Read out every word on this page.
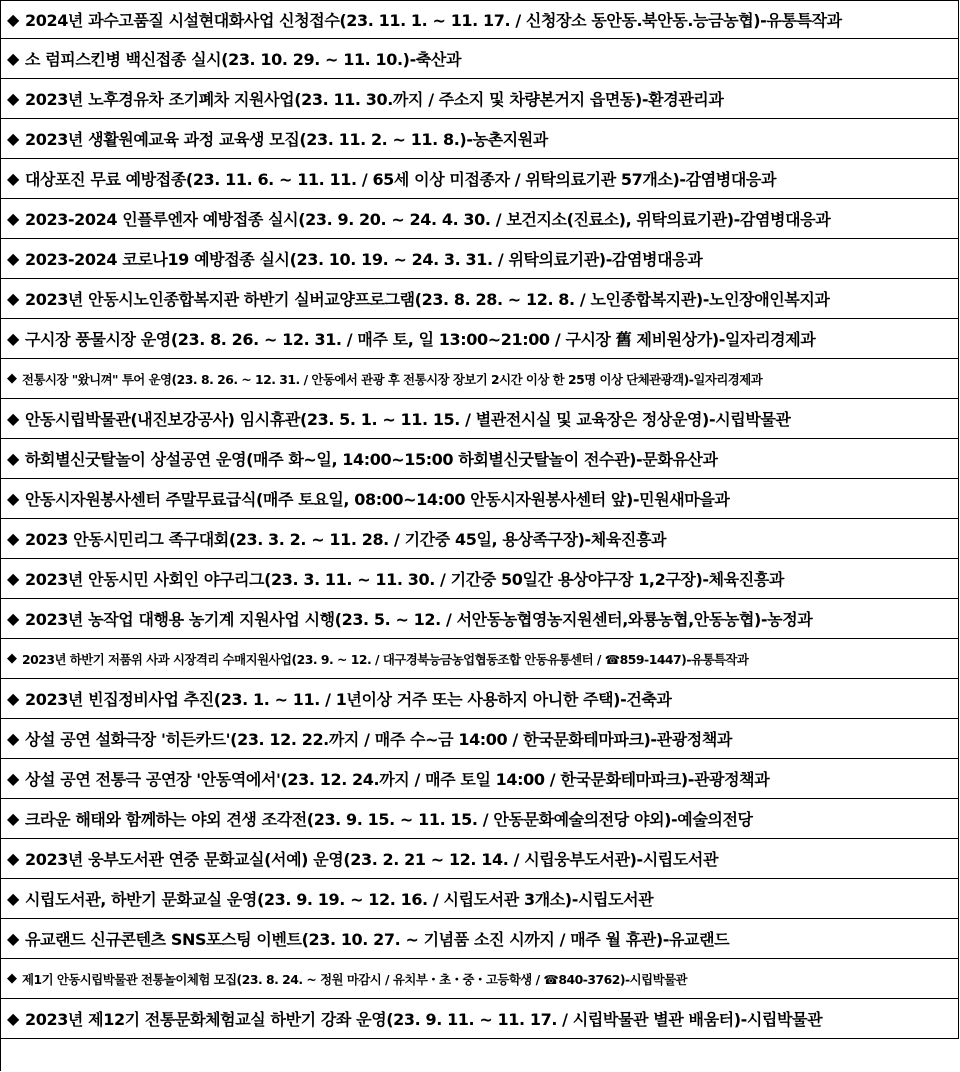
◆ 2024년 과수고품질 시설현대화사업 신청접수(23. 11. 1. ~ 11. 17. / 신청장소 동안동.북안동.능금농협)-유통특작과
◆ 소 럼피스킨병 백신접종 실시(23. 10. 29. ~ 11. 10.)-축산과
◆ 2023년 노후경유차 조기폐차 지원사업(23. 11. 30.까지 / 주소지 및 차량본거지 읍면동)-환경관리과
◆ 2023년 생활원예교육 과정 교육생 모집(23. 11. 2. ~ 11. 8.)-농촌지원과
◆ 대상포진 무료 예방접종(23. 11. 6. ~ 11. 11. / 65세 이상 미접종자 / 위탁의료기관 57개소)-감염병대응과
◆ 2023-2024 인플루엔자 예방접종 실시(23. 9. 20. ~ 24. 4. 30. / 보건지소(진료소), 위탁의료기관)-감염병대응과
◆ 2023-2024 코로나19 예방접종 실시(23. 10. 19. ~ 24. 3. 31. / 위탁의료기관)-감염병대응과
◆ 2023년 안동시노인종합복지관 하반기 실버교양프로그램(23. 8. 28. ~ 12. 8. / 노인종합복지관)-노인장애인복지과
◆ 구시장 풍물시장 운영(23. 8. 26. ~ 12. 31. / 매주 토, 일 13:00~21:00 / 구시장 舊 제비원상가)-일자리경제과
◆ 전통시장 "왔니껴" 투어 운영(23. 8. 26. ~ 12. 31. / 안동에서 관광 후 전통시장 장보기 2시간 이상 한 25명 이상 단체관광객)-일자리경제과
◆ 안동시립박물관(내진보강공사) 임시휴관(23. 5. 1. ~ 11. 15. / 별관전시실 및 교육장은 정상운영)-시립박물관
◆ 하회별신굿탈놀이 상설공연 운영(매주 화~일, 14:00~15:00 하회별신굿탈놀이 전수관)-문화유산과
◆ 안동시자원봉사센터 주말무료급식(매주 토요일, 08:00~14:00 안동시자원봉사센터 앞)-민원새마을과
◆ 2023 안동시민리그 족구대회(23. 3. 2. ~ 11. 28. / 기간중 45일, 용상족구장)-체육진흥과
◆ 2023년 안동시민 사회인 야구리그(23. 3. 11. ~ 11. 30. / 기간중 50일간 용상야구장 1,2구장)-체육진흥과
◆ 2023년 농작업 대행용 농기계 지원사업 시행(23. 5. ~ 12. / 서안동농협영농지원센터,와룡농협,안동농협)-농정과
◆ 2023년 하반기 저품위 사과 시장격리 수매지원사업(23. 9. ~ 12. / 대구경북능금농업협동조합 안동유통센터 / ☎859-1447)-유통특작과
◆ 2023년 빈집정비사업 추진(23. 1. ~ 11. / 1년이상 거주 또는 사용하지 아니한 주택)-건축과
◆ 상설 공연 설화극장 '히든카드'(23. 12. 22.까지 / 매주 수~금 14:00 / 한국문화테마파크)-관광정책과
◆ 상설 공연 전통극 공연장 '안동역에서'(23. 12. 24.까지 / 매주 토일 14:00 / 한국문화테마파크)-관광정책과
◆ 크라운 해태와 함께하는 야외 견생 조각전(23. 9. 15. ~ 11. 15. / 안동문화예술의전당 야외)-예술의전당
◆ 2023년 웅부도서관 연중 문화교실(서예) 운영(23. 2. 21 ~ 12. 14. / 시립웅부도서관)-시립도서관
◆ 시립도서관, 하반기 문화교실 운영(23. 9. 19. ~ 12. 16. / 시립도서관 3개소)-시립도서관
◆ 유교랜드 신규콘텐츠 SNS포스팅 이벤트(23. 10. 27. ~ 기념품 소진 시까지 / 매주 월 휴관)-유교랜드
◆ 제1기 안동시립박물관 전통놀이체험 모집(23. 8. 24. ~ 정원 마감시 / 유치부・초・중・고등학생 / ☎840-3762)-시립박물관
◆ 2023년 제12기 전통문화체험교실 하반기 강좌 운영(23. 9. 11. ~ 11. 17. / 시립박물관 별관 배움터)-시립박물관
